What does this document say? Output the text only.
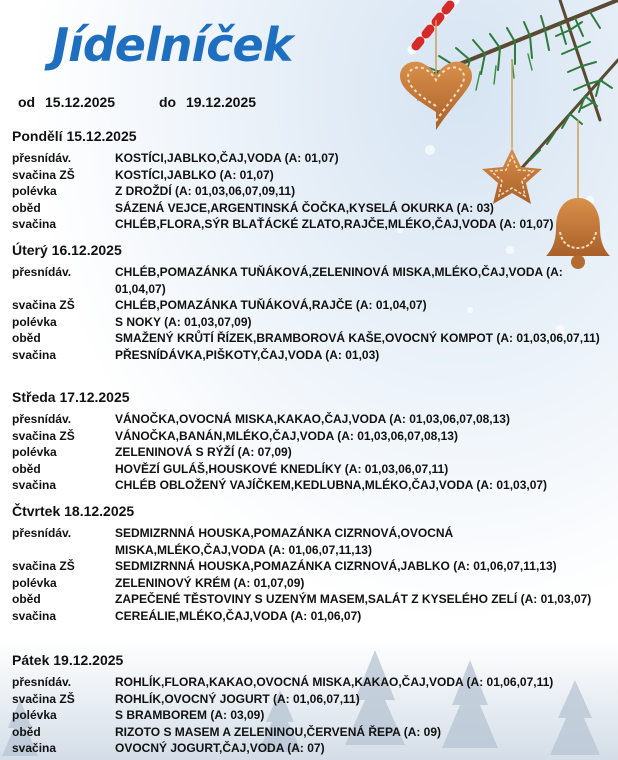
Jídelníček
od 15.12.2025	do 19.12.2025
Pondělí 15.12.2025
přesnídáv.	KOSTÍCI,JABLKO,ČAJ,VODA (A: 01,07)
svačina ZŠ	KOSTÍCI,JABLKO (A: 01,07)
polévka	Z DROŽDÍ (A: 01,03,06,07,09,11)
oběd	SÁZENÁ VEJCE,ARGENTINSKÁ ČOČKA,KYSELÁ OKURKA (A: 03)
svačina	CHLÉB,FLORA,SÝR BLAŤÁCKÉ ZLATO,RAJČE,MLÉKO,ČAJ,VODA (A: 01,07)
Úterý 16.12.2025
přesnídáv.	CHLÉB,POMAZÁNKA TUŇÁKOVÁ,ZELENINOVÁ MISKA,MLÉKO,ČAJ,VODA (A: 01,04,07)
svačina ZŠ	CHLÉB,POMAZÁNKA TUŇÁKOVÁ,RAJČE (A: 01,04,07)
polévka	S NOKY (A: 01,03,07,09)
oběd	SMAŽENÝ KRŮTÍ ŘÍZEK,BRAMBOROVÁ KAŠE,OVOCNÝ KOMPOT (A: 01,03,06,07,11)
svačina	PŘESNÍDÁVKA,PIŠKOTY,ČAJ,VODA (A: 01,03)
Středa 17.12.2025
přesnídáv.	VÁNOČKA,OVOCNÁ MISKA,KAKAO,ČAJ,VODA (A: 01,03,06,07,08,13)
svačina ZŠ	VÁNOČKA,BANÁN,MLÉKO,ČAJ,VODA (A: 01,03,06,07,08,13)
polévka	ZELENINOVÁ S RÝŽÍ (A: 07,09)
oběd	HOVĚZÍ GULÁŠ,HOUSKOVÉ KNEDLÍKY (A: 01,03,06,07,11)
svačina	CHLÉB OBLOŽENÝ VAJÍČKEM,KEDLUBNA,MLÉKO,ČAJ,VODA (A: 01,03,07)
Čtvrtek 18.12.2025
přesnídáv.	SEDMIZRNNÁ HOUSKA,POMAZÁNKA CIZRNOVÁ,OVOCNÁ MISKA,MLÉKO,ČAJ,VODA (A: 01,06,07,11,13)
svačina ZŠ	SEDMIZRNNÁ HOUSKA,POMAZÁNKA CIZRNOVÁ,JABLKO (A: 01,06,07,11,13)
polévka	ZELENINOVÝ KRÉM (A: 01,07,09)
oběd	ZAPEČENÉ TĚSTOVINY S UZENÝM MASEM,SALÁT Z KYSELÉHO ZELÍ (A: 01,03,07)
svačina	CEREÁLIE,MLÉKO,ČAJ,VODA (A: 01,06,07)
Pátek 19.12.2025
přesnídáv.	ROHLÍK,FLORA,KAKAO,OVOCNÁ MISKA,KAKAO,ČAJ,VODA (A: 01,06,07,11)
svačina ZŠ	ROHLÍK,OVOCNÝ JOGURT (A: 01,06,07,11)
polévka	S BRAMBOREM (A: 03,09)
oběd	RIZOTO S MASEM A ZELENINOU,ČERVENÁ ŘEPA (A: 09)
svačina	OVOCNÝ JOGURT,ČAJ,VODA (A: 07)
